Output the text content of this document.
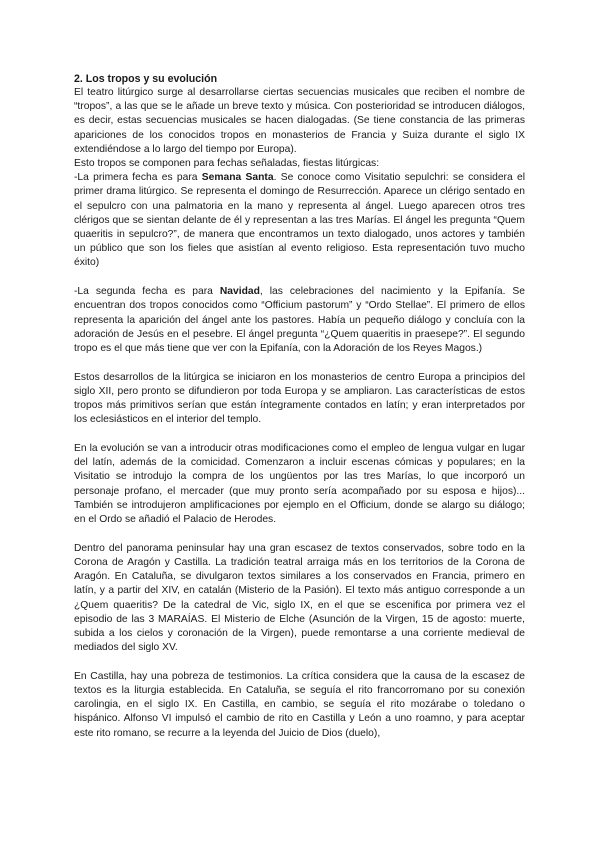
2. Los tropos y su evolución

El teatro litúrgico surge al desarrollarse ciertas secuencias musicales que reciben el nombre de “tropos”, a las que se le añade un breve texto y música. Con posterioridad se introducen diálogos, es decir, estas secuencias musicales se hacen dialogadas. (Se tiene constancia de las primeras apariciones de los conocidos tropos en monasterios de Francia y Suiza durante el siglo IX extendiéndose a lo largo del tiempo por Europa).

Esto tropos se componen para fechas señaladas, fiestas litúrgicas:

-La primera fecha es para Semana Santa. Se conoce como Visitatio sepulchri: se considera el primer drama litúrgico. Se representa el domingo de Resurrección. Aparece un clérigo sentado en el sepulcro con una palmatoria en la mano y representa al ángel. Luego aparecen otros tres clérigos que se sientan delante de él y representan a las tres Marías. El ángel les pregunta “Quem quaeritis in sepulcro?”, de manera que encontramos un texto dialogado, unos actores y también un público que son los fieles que asistían al evento religioso. Esta representación tuvo mucho éxito)

-La segunda fecha es para Navidad, las celebraciones del nacimiento y la Epifanía. Se encuentran dos tropos conocidos como “Officium pastorum” y “Ordo Stellae”. El primero de ellos representa la aparición del ángel ante los pastores. Había un pequeño diálogo y concluía con la adoración de Jesús en el pesebre. El ángel pregunta “¿Quem quaeritis in praesepe?”. El segundo tropo es el que más tiene que ver con la Epifanía, con la Adoración de los Reyes Magos.)

Estos desarrollos de la litúrgica se iniciaron en los monasterios de centro Europa a principios del siglo XII, pero pronto se difundieron por toda Europa y se ampliaron. Las características de estos tropos más primitivos serían que están íntegramente contados en latín; y eran interpretados por los eclesiásticos en el interior del templo.

En la evolución se van a introducir otras modificaciones como el empleo de lengua vulgar en lugar del latín, además de la comicidad. Comenzaron a incluir escenas cómicas y populares; en la Visitatio se introdujo la compra de los ungüentos por las tres Marías, lo que incorporó un personaje profano, el mercader (que muy pronto sería acompañado por su esposa e hijos)... También se introdujeron amplificaciones por ejemplo en el Officium, donde se alargo su diálogo; en el Ordo se añadió el Palacio de Herodes.

Dentro del panorama peninsular hay una gran escasez de textos conservados, sobre todo en la Corona de Aragón y Castilla. La tradición teatral arraiga más en los territorios de la Corona de Aragón. En Cataluña, se divulgaron textos similares a los conservados en Francia, primero en latín, y a partir del XIV, en catalán (Misterio de la Pasión). El texto más antiguo corresponde a un ¿Quem quaeritis? De la catedral de Vic, siglo IX, en el que se escenifica por primera vez el episodio de las 3 MARAÍAS. El Misterio de Elche (Asunción de la Virgen, 15 de agosto: muerte, subida a los cielos y coronación de la Virgen), puede remontarse a una corriente medieval de mediados del siglo XV.

En Castilla, hay una pobreza de testimonios. La crítica considera que la causa de la escasez de textos es la liturgia establecida. En Cataluña, se seguía el rito francorromano por su conexión carolingia, en el siglo IX. En Castilla, en cambio, se seguía el rito mozárabe o toledano o hispánico. Alfonso VI impulsó el cambio de rito en Castilla y León a uno roamno, y para aceptar este rito romano, se recurre a la leyenda del Juicio de Dios (duelo),
